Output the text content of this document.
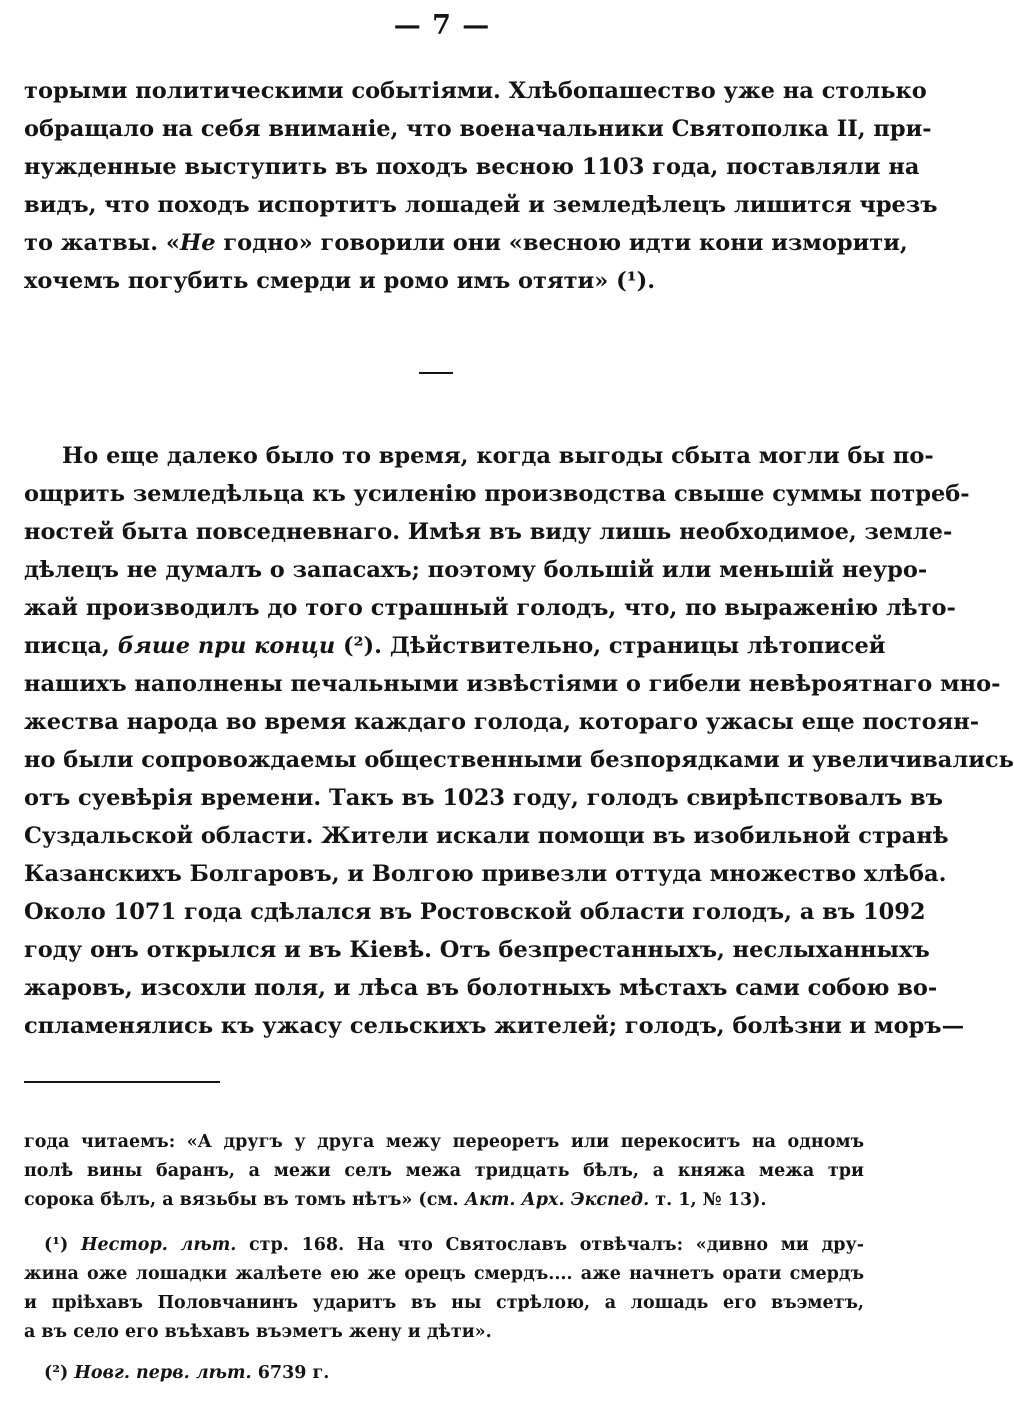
— 7 —
торыми политическими событіями. Хлѣбопашество уже на столько
обращало на себя вниманіе, что военачальники Святополка II, при-
нужденные выступить въ походъ весною 1103 года, поставляли на
видъ, что походъ испортитъ лошадей и земледѣлецъ лишится чрезъ
то жатвы. «Не годно» говорили они «весною идти кони изморити,
хочемъ погубить смерди и ромо имъ отяти» (¹).
Но еще далеко было то время, когда выгоды сбыта могли бы по-
ощрить земледѣльца къ усиленію производства свыше суммы потреб-
ностей быта повседневнаго. Имѣя въ виду лишь необходимое, земле-
дѣлецъ не думалъ о запасахъ; поэтому большій или меньшій неуро-
жай производилъ до того страшный голодъ, что, по выраженію лѣто-
писца, бяше при конци (²). Дѣйствительно, страницы лѣтописей
нашихъ наполнены печальными извѣстіями о гибели невѣроятнаго мно-
жества народа во время каждаго голода, котораго ужасы еще постоян-
но были сопровождаемы общественными безпорядками и увеличивались
отъ суевѣрія времени. Такъ въ 1023 году, голодъ свирѣпствовалъ въ
Суздальской области. Жители искали помощи въ изобильной странѣ
Казанскихъ Болгаровъ, и Волгою привезли оттуда множество хлѣба.
Около 1071 года сдѣлался въ Ростовской области голодъ, а въ 1092
году онъ открылся и въ Кіевѣ. Отъ безпрестанныхъ, неслыханныхъ
жаровъ, изсохли поля, и лѣса въ болотныхъ мѣстахъ сами собою во-
спламенялись къ ужасу сельскихъ жителей; голодъ, болѣзни и моръ—
года читаемъ: «А другъ у друга межу переоретъ или перекоситъ на одномъ
полѣ вины баранъ, а межи селъ межа тридцать бѣлъ, а княжа межа три
сорока бѣлъ, а вязьбы въ томъ нѣтъ» (см. Акт. Арх. Экспед. т. 1, № 13).
(¹) Нестор. лѣт. стр. 168. На что Святославъ отвѣчалъ: «дивно ми дру-
жина оже лошадки жалѣете ею же орецъ смердъ.... аже начнетъ орати смердъ
и пріѣхавъ Половчанинъ ударитъ въ ны стрѣлою, а лошадь его въэметъ,
а въ село его въѣхавъ въэметъ жену и дѣти».
(²) Новг. перв. лѣт. 6739 г.
